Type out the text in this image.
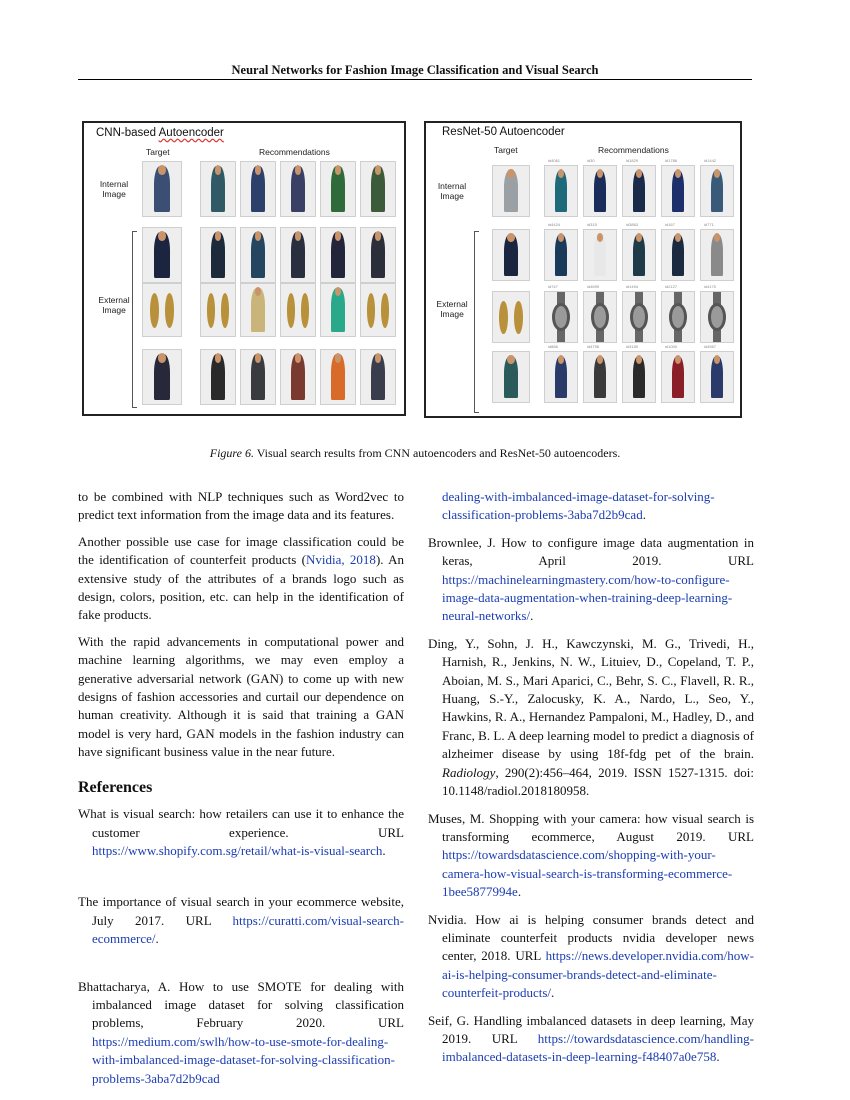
Neural Networks for Fashion Image Classification and Visual Search
CNN-based Autoencoder
Target	Recommendations
Internal
Image
External
Image
ResNet-50 Autoencoder
Target	Recommendations
Internal
Image
External
Image
id4061	id30	id1829	id1786	id1442
id4424	id315	id3863	id167	id771
id747	id4699	id1494	id2127	id4170
id886	id4796	id3150	id1000	id4567
Figure 6. Visual search results from CNN autoencoders and ResNet-50 autoencoders.

to be combined with NLP techniques such as Word2vec to predict text information from the image data and its features.

Another possible use case for image classification could be the identification of counterfeit products (Nvidia, 2018). An extensive study of the attributes of a brands logo such as design, colors, position, etc. can help in the identification of fake products.

With the rapid advancements in computational power and machine learning algorithms, we may even employ a generative adversarial network (GAN) to come up with new designs of fashion accessories and curtail our dependence on human creativity. Although it is said that training a GAN model is very hard, GAN models in the fashion industry can have significant business value in the near future.

References
What is visual search: how retailers can use it to enhance the customer experience. URL https://www.shopify.com.sg/retail/what-is-visual-search.
The importance of visual search in your ecommerce website, July 2017. URL https://curatti.com/visual-search-ecommerce/.
Bhattacharya, A. How to use SMOTE for dealing with imbalanced image dataset for solving classification problems, February 2020. URL https://medium.com/swlh/how-to-use-smote-for-dealing-with-imbalanced-image-dataset-for-solving-classification-problems-3aba7d2b9cad
dealing-with-imbalanced-image-dataset-for-solving-classification-problems-3aba7d2b9cad.
Brownlee, J. How to configure image data augmentation in keras, April 2019. URL https://machinelearningmastery.com/how-to-configure-image-data-augmentation-when-training-deep-learning-neural-networks/.
Ding, Y., Sohn, J. H., Kawczynski, M. G., Trivedi, H., Harnish, R., Jenkins, N. W., Lituiev, D., Copeland, T. P., Aboian, M. S., Mari Aparici, C., Behr, S. C., Flavell, R. R., Huang, S.-Y., Zalocusky, K. A., Nardo, L., Seo, Y., Hawkins, R. A., Hernandez Pampaloni, M., Hadley, D., and Franc, B. L. A deep learning model to predict a diagnosis of alzheimer disease by using 18f-fdg pet of the brain. Radiology, 290(2):456–464, 2019. ISSN 1527-1315. doi: 10.1148/radiol.2018180958.
Muses, M. Shopping with your camera: how visual search is transforming ecommerce, August 2019. URL https://towardsdatascience.com/shopping-with-your-camera-how-visual-search-is-transforming-ecommerce-1bee5877994e.
Nvidia. How ai is helping consumer brands detect and eliminate counterfeit products nvidia developer news center, 2018. URL https://news.developer.nvidia.com/how-ai-is-helping-consumer-brands-detect-and-eliminate-counterfeit-products/.
Seif, G. Handling imbalanced datasets in deep learning, May 2019. URL https://towardsdatascience.com/handling-imbalanced-datasets-in-deep-learning-f48407a0e758.
